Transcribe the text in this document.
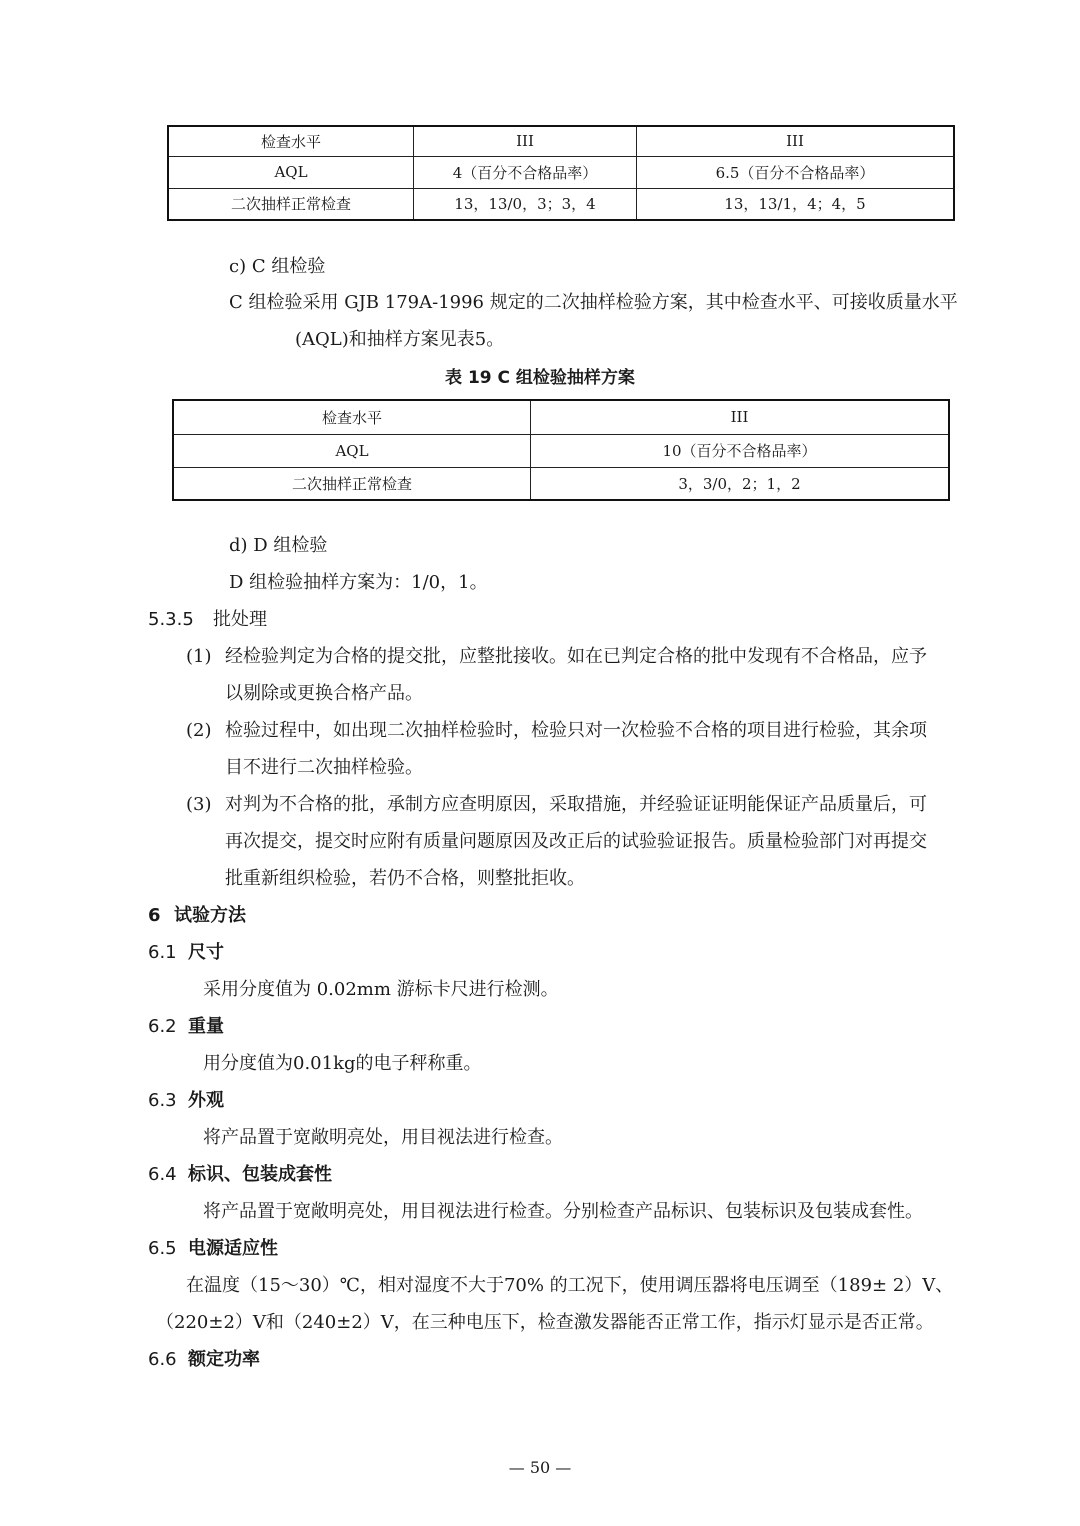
检查水平	III	III
AQL	4（百分不合格品率）	6.5（百分不合格品率）
二次抽样正常检查	13，13/0，3；3，4	13，13/1，4；4，5
c) C 组检验
C 组检验采用 GJB 179A-1996 规定的二次抽样检验方案，其中检查水平、可接收质量水平
(AQL)和抽样方案见表5。
表 19 C 组检验抽样方案
检查水平	III
AQL	10（百分不合格品率）
二次抽样正常检查	3，3/0，2；1，2
d) D 组检验
D 组检验抽样方案为：1/0，1。
5.3.5 批处理
(1) 经检验判定为合格的提交批，应整批接收。如在已判定合格的批中发现有不合格品，应予
以剔除或更换合格产品。
(2) 检验过程中，如出现二次抽样检验时，检验只对一次检验不合格的项目进行检验，其余项
目不进行二次抽样检验。
(3) 对判为不合格的批，承制方应查明原因，采取措施，并经验证证明能保证产品质量后，可
再次提交，提交时应附有质量问题原因及改正后的试验验证报告。质量检验部门对再提交
批重新组织检验，若仍不合格，则整批拒收。
6 试验方法
6.1 尺寸
采用分度值为 0.02mm 游标卡尺进行检测。
6.2 重量
用分度值为0.01kg的电子秤称重。
6.3 外观
将产品置于宽敞明亮处，用目视法进行检查。
6.4 标识、包装成套性
将产品置于宽敞明亮处，用目视法进行检查。分别检查产品标识、包装标识及包装成套性。
6.5 电源适应性
在温度（15～30）℃，相对湿度不大于70% 的工况下，使用调压器将电压调至（189± 2）V、
（220±2）V和（240±2）V，在三种电压下，检查激发器能否正常工作，指示灯显示是否正常。
6.6 额定功率
— 50 —
